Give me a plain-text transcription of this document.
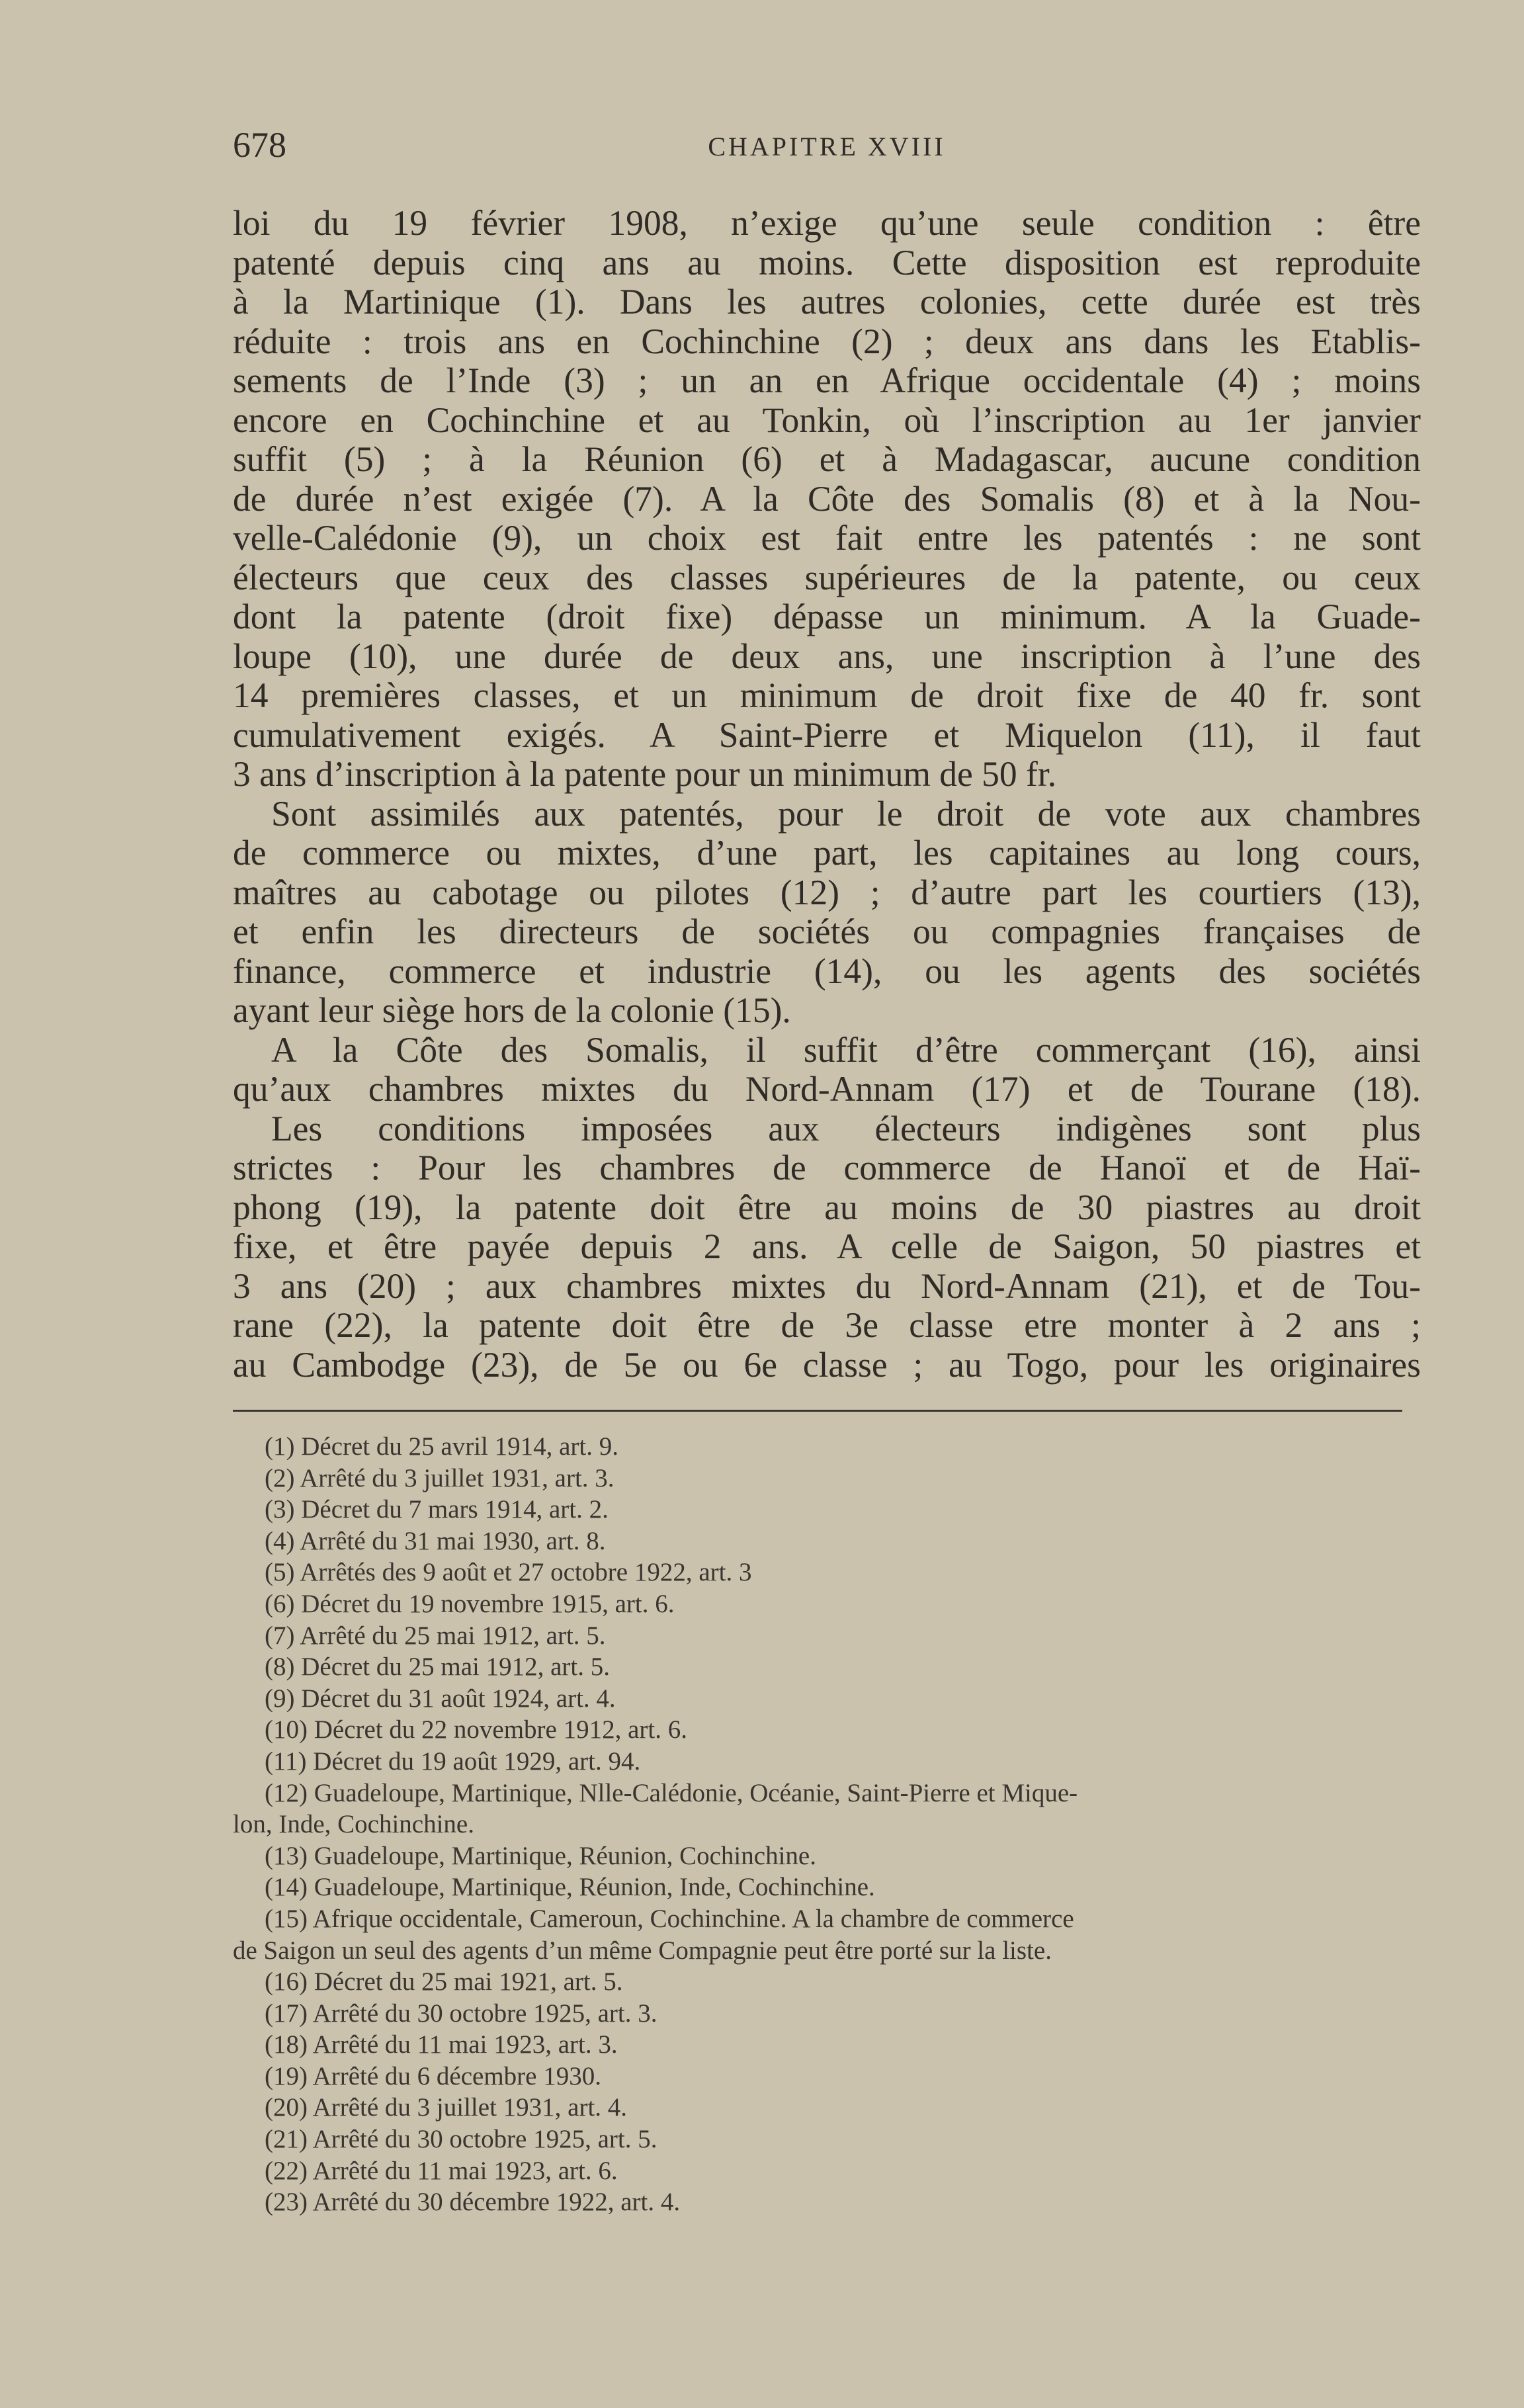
678	CHAPITRE XVIII
loi du 19 février 1908, n’exige qu’une seule condition : être
patenté depuis cinq ans au moins. Cette disposition est reproduite
à la Martinique (1). Dans les autres colonies, cette durée est très
réduite : trois ans en Cochinchine (2) ; deux ans dans les Etablis-
sements de l’Inde (3) ; un an en Afrique occidentale (4) ; moins
encore en Cochinchine et au Tonkin, où l’inscription au 1er janvier
suffit (5) ; à la Réunion (6) et à Madagascar, aucune condition
de durée n’est exigée (7). A la Côte des Somalis (8) et à la Nou-
velle-Calédonie (9), un choix est fait entre les patentés : ne sont
électeurs que ceux des classes supérieures de la patente, ou ceux
dont la patente (droit fixe) dépasse un minimum. A la Guade-
loupe (10), une durée de deux ans, une inscription à l’une des
14 premières classes, et un minimum de droit fixe de 40 fr. sont
cumulativement exigés. A Saint-Pierre et Miquelon (11), il faut
3 ans d’inscription à la patente pour un minimum de 50 fr.
Sont assimilés aux patentés, pour le droit de vote aux chambres
de commerce ou mixtes, d’une part, les capitaines au long cours,
maîtres au cabotage ou pilotes (12) ; d’autre part les courtiers (13),
et enfin les directeurs de sociétés ou compagnies françaises de
finance, commerce et industrie (14), ou les agents des sociétés
ayant leur siège hors de la colonie (15).
A la Côte des Somalis, il suffit d’être commerçant (16), ainsi
qu’aux chambres mixtes du Nord-Annam (17) et de Tourane (18).
Les conditions imposées aux électeurs indigènes sont plus
strictes : Pour les chambres de commerce de Hanoï et de Haï-
phong (19), la patente doit être au moins de 30 piastres au droit
fixe, et être payée depuis 2 ans. A celle de Saigon, 50 piastres et
3 ans (20) ; aux chambres mixtes du Nord-Annam (21), et de Tou-
rane (22), la patente doit être de 3e classe etre monter à 2 ans ;
au Cambodge (23), de 5e ou 6e classe ; au Togo, pour les originaires
(1) Décret du 25 avril 1914, art. 9.
(2) Arrêté du 3 juillet 1931, art. 3.
(3) Décret du 7 mars 1914, art. 2.
(4) Arrêté du 31 mai 1930, art. 8.
(5) Arrêtés des 9 août et 27 octobre 1922, art. 3
(6) Décret du 19 novembre 1915, art. 6.
(7) Arrêté du 25 mai 1912, art. 5.
(8) Décret du 25 mai 1912, art. 5.
(9) Décret du 31 août 1924, art. 4.
(10) Décret du 22 novembre 1912, art. 6.
(11) Décret du 19 août 1929, art. 94.
(12) Guadeloupe, Martinique, Nlle-Calédonie, Océanie, Saint-Pierre et Mique-
lon, Inde, Cochinchine.
(13) Guadeloupe, Martinique, Réunion, Cochinchine.
(14) Guadeloupe, Martinique, Réunion, Inde, Cochinchine.
(15) Afrique occidentale, Cameroun, Cochinchine. A la chambre de commerce
de Saigon un seul des agents d’un même Compagnie peut être porté sur la liste.
(16) Décret du 25 mai 1921, art. 5.
(17) Arrêté du 30 octobre 1925, art. 3.
(18) Arrêté du 11 mai 1923, art. 3.
(19) Arrêté du 6 décembre 1930.
(20) Arrêté du 3 juillet 1931, art. 4.
(21) Arrêté du 30 octobre 1925, art. 5.
(22) Arrêté du 11 mai 1923, art. 6.
(23) Arrêté du 30 décembre 1922, art. 4.
